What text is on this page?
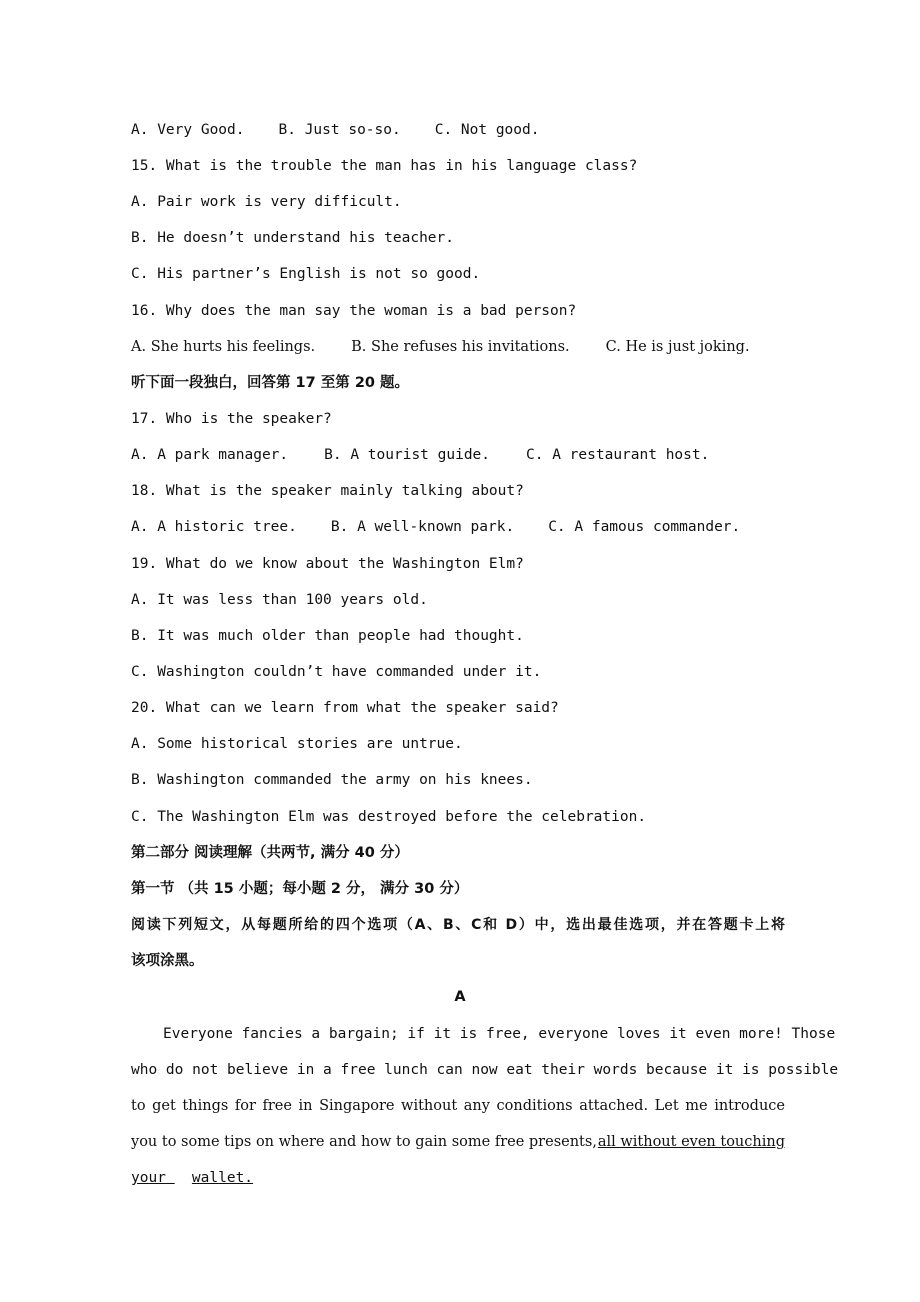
A. Very Good. B. Just so-so. C. Not good.
15. What is the trouble the man has in his language class?
A. Pair work is very difficult.
B. He doesn’t understand his teacher.
C. His partner’s English is not so good.
16. Why does the man say the woman is a bad person?
A. She hurts his feelings. B. She refuses his invitations. C. He is just joking.
听下面一段独白，回答第 17 至第 20 题。
17. Who is the speaker?
A. A park manager. B. A tourist guide. C. A restaurant host.
18. What is the speaker mainly talking about?
A. A historic tree. B. A well-known park. C. A famous commander.
19. What do we know about the Washington Elm?
A. It was less than 100 years old.
B. It was much older than people had thought.
C. Washington couldn’t have commanded under it.
20. What can we learn from what the speaker said?
A. Some historical stories are untrue.
B. Washington commanded the army on his knees.
C. The Washington Elm was destroyed before the celebration.
第二部分 阅读理解（共两节, 满分 40 分）
第一节 （共 15 小题；每小题 2 分， 满分 30 分）
阅读下列短文，从每题所给的四个选项（A、B、C和 D）中，选出最佳选项，并在答题卡上将
该项涂黑。
A
Everyone fancies a bargain; if it is free, everyone loves it even more! Those
who do not believe in a free lunch can now eat their words because it is possible
to get things for free in Singapore without any conditions attached. Let me introduce
you to some tips on where and how to gain some free presents, all without even touching
your wallet.
